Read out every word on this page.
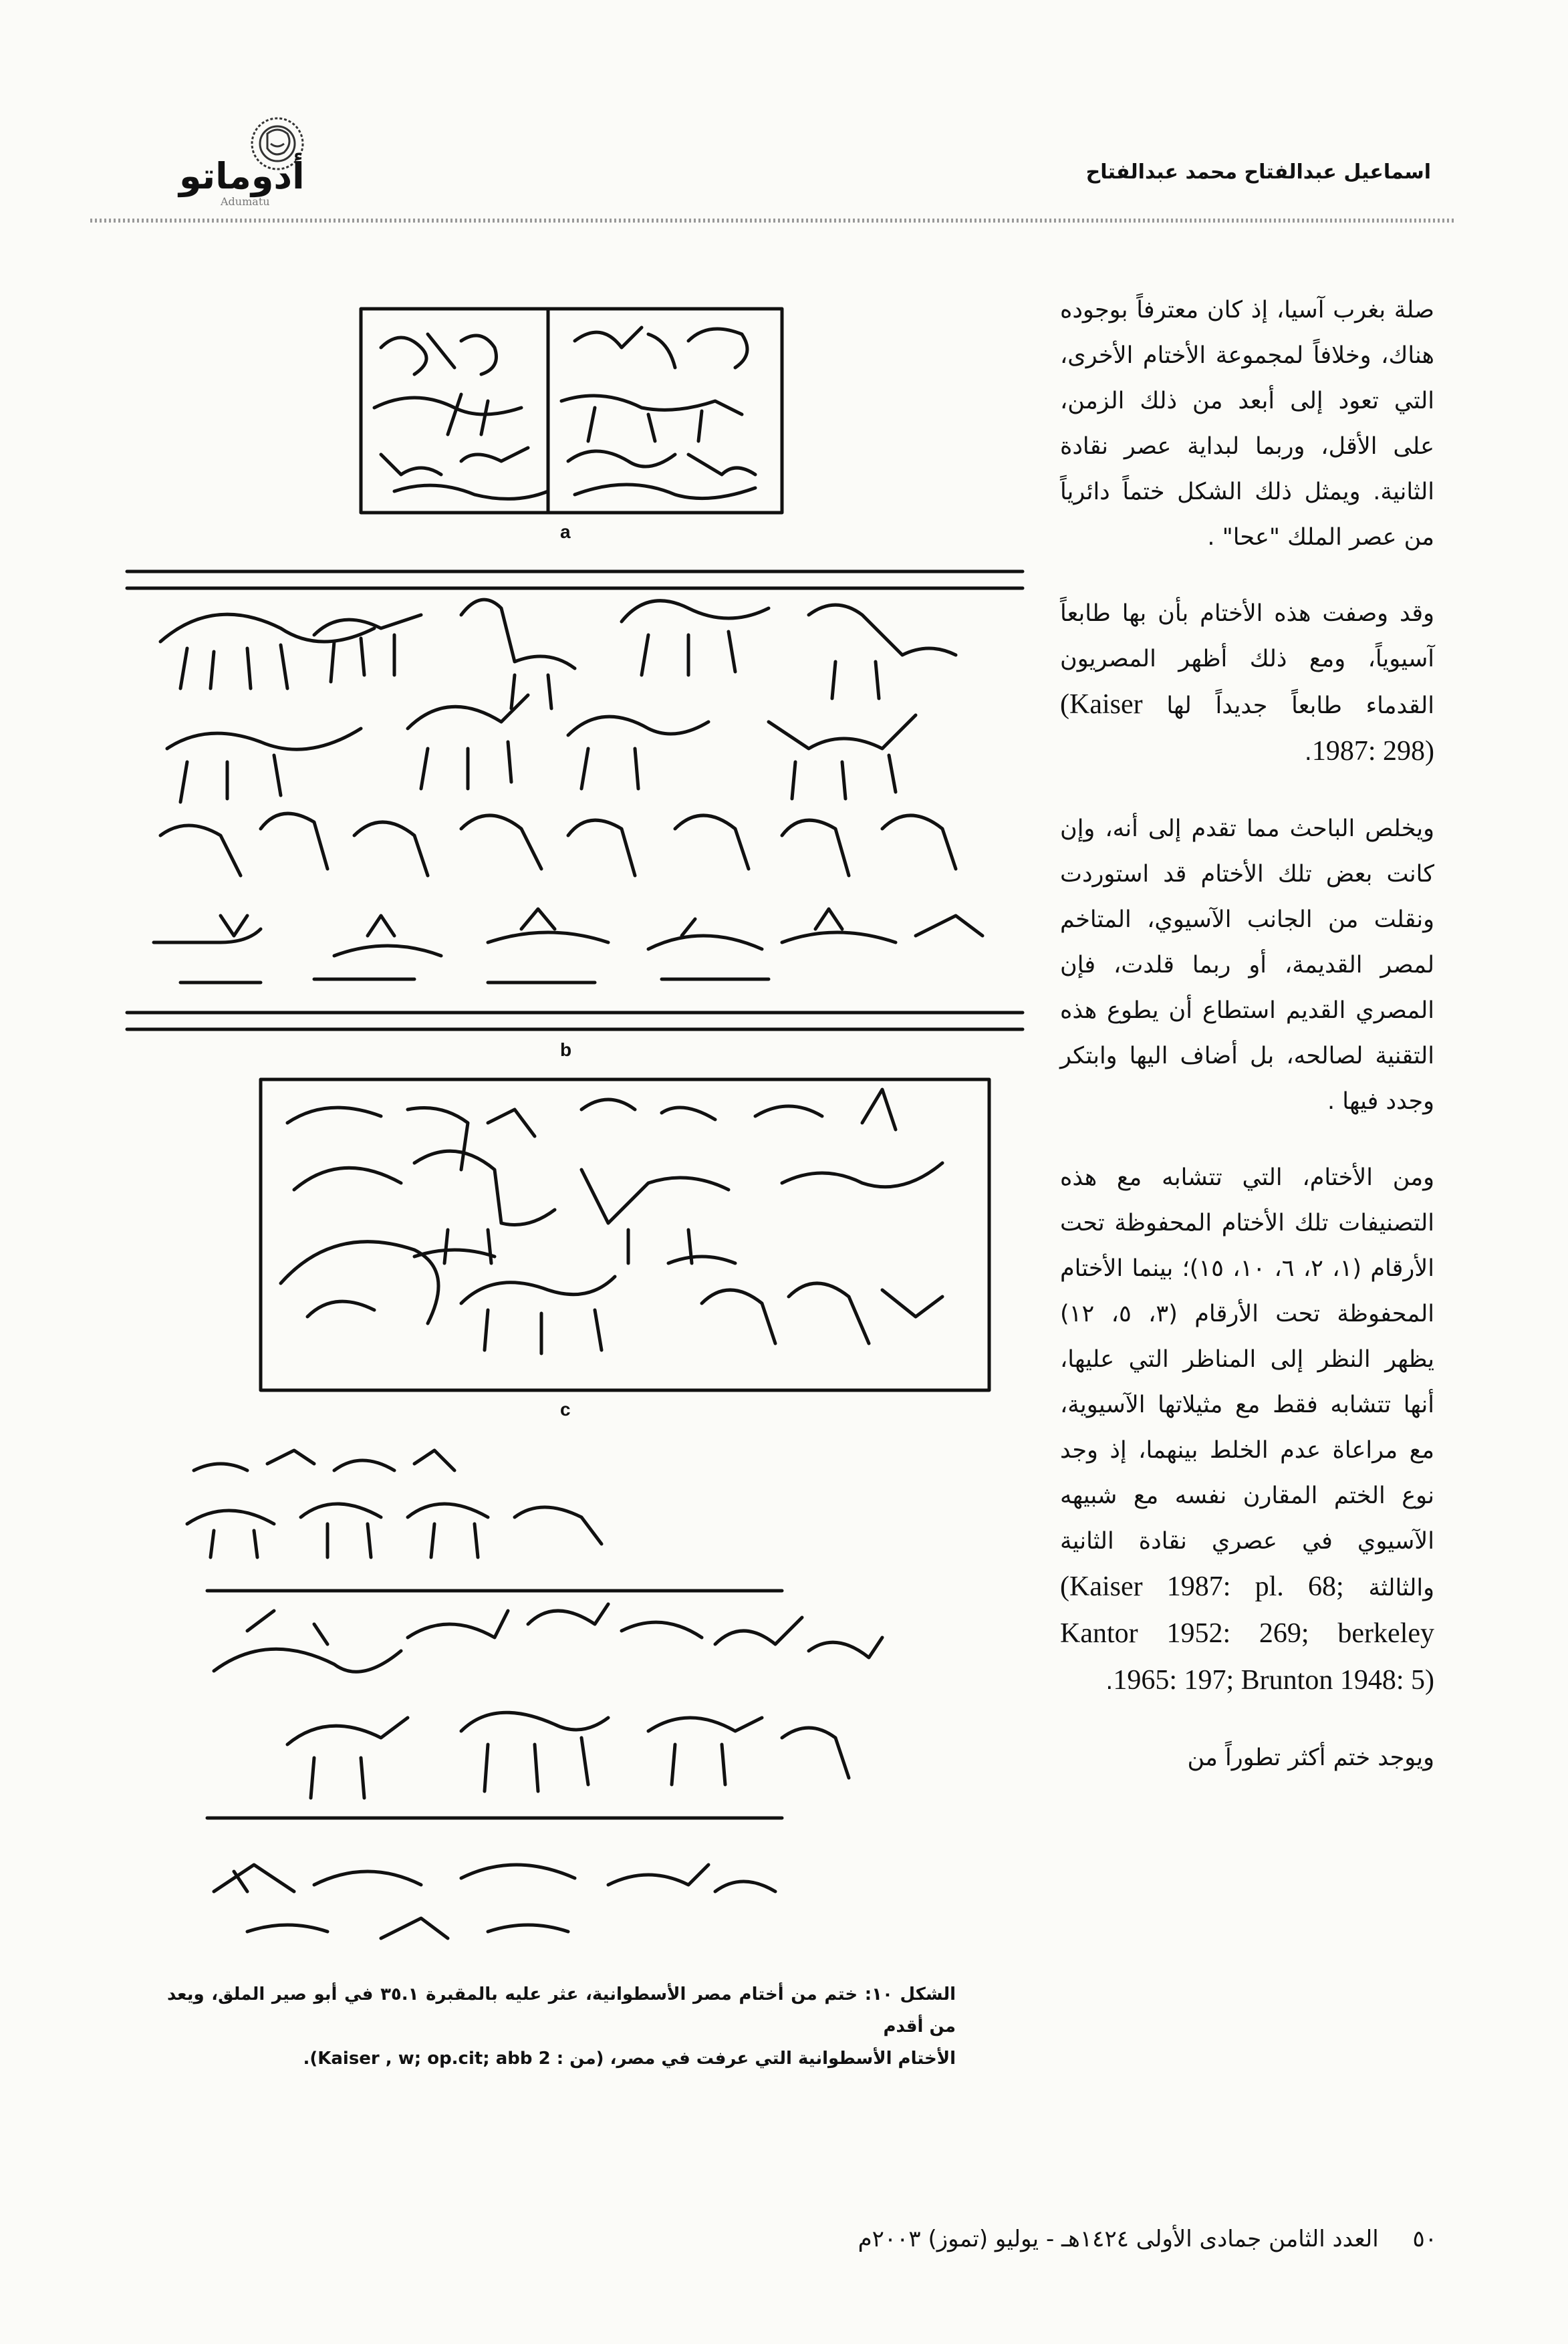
أدوماتو
Adumatu
اسماعيل عبدالفتاح محمد عبدالفتاح
a
b
c

صلة بغرب آسيا، إذ كان معترفاً بوجوده هناك، وخلافاً لمجموعة الأختام الأخرى، التي تعود إلى أبعد من ذلك الزمن، على الأقل، وربما لبداية عصر نقادة الثانية. ويمثل ذلك الشكل ختماً دائرياً من عصر الملك "عحا" .

وقد وصفت هذه الأختام بأن بها طابعاً آسيوياً، ومع ذلك أظهر المصريون القدماء طابعاً جديداً لها (Kaiser 1987: 298).

ويخلص الباحث مما تقدم إلى أنه، وإن كانت بعض تلك الأختام قد استوردت ونقلت من الجانب الآسيوي، المتاخم لمصر القديمة، أو ربما قلدت، فإن المصري القديم استطاع أن يطوع هذه التقنية لصالحه، بل أضاف اليها وابتكر وجدد فيها .

ومن الأختام، التي تتشابه مع هذه التصنيفات تلك الأختام المحفوظة تحت الأرقام (١، ٢، ٦، ١٠، ١٥)؛ بينما الأختام المحفوظة تحت الأرقام (٣، ٥، ١٢) يظهر النظر إلى المناظر التي عليها، أنها تتشابه فقط مع مثيلاتها الآسيوية، مع مراعاة عدم الخلط بينهما، إذ وجد نوع الختم المقارن نفسه مع شبيهه الآسيوي في عصري نقادة الثانية والثالثة (Kaiser 1987: pl. 68; Kantor 1952: 269; berkeley 1965: 197; Brunton 1948: 5).

ويوجد ختم أكثر تطوراً من

الشكل ١٠: ختم من أختام مصر الأسطوانية، عثر عليه بالمقبرة ٣٥.١ في أبو صير الملق، ويعد من أقدم
الأختام الأسطوانية التي عرفت في مصر، (من : Kaiser , w; op.cit; abb 2).
٥٠ العدد الثامن جمادى الأولى ١٤٢٤هـ - يوليو (تموز) ٢٠٠٣م
